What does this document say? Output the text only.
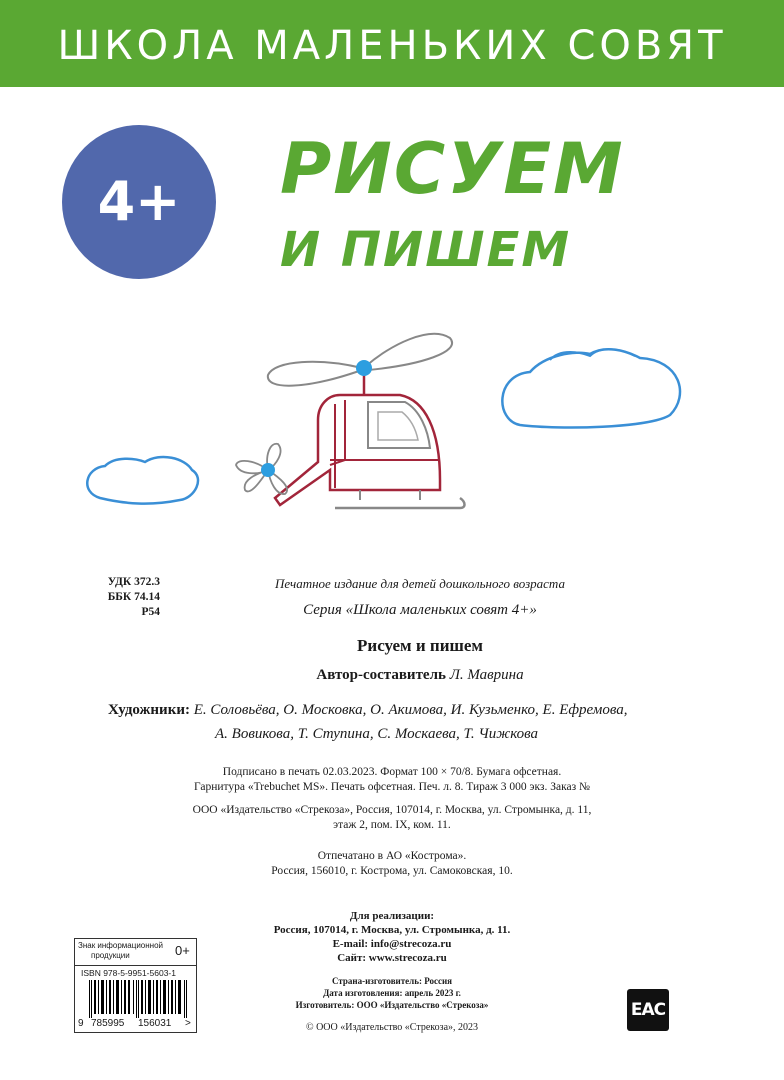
ШКОЛА МАЛЕНЬКИХ СОВЯТ
4+	РИСУЕМ
И ПИШЕМ
УДК 372.3
ББК 74.14
Р54
Печатное издание для детей дошкольного возраста
Серия «Школа маленьких совят 4+»
Рисуем и пишем
Автор-составитель Л. Маврина
Художники: Е. Соловьёва, О. Московка, О. Акимова, И. Кузьменко, Е. Ефремова,
А. Вовикова, Т. Ступина, С. Москаева, Т. Чижкова
Подписано в печать 02.03.2023. Формат 100 × 70/8. Бумага офсетная.
Гарнитура «Trebuchet MS». Печать офсетная. Печ. л. 8. Тираж 3 000 экз. Заказ №
ООО «Издательство «Стрекоза», Россия, 107014, г. Москва, ул. Стромынка, д. 11,
этаж 2, пом. IX, ком. 11.
Отпечатано в АО «Кострома».
Россия, 156010, г. Кострома, ул. Самоковская, 10.
Для реализации:
Россия, 107014, г. Москва, ул. Стромынка, д. 11.
E-mail: info@strecoza.ru
Сайт: www.strecoza.ru
Страна-изготовитель: Россия
Дата изготовления: апрель 2023 г.
Изготовитель: ООО «Издательство «Стрекоза»
© ООО «Издательство «Стрекоза», 2023
Знак информационной
продукции	0+
ISBN 978-5-9951-5603-1
9 785995 156031 >
EAC
